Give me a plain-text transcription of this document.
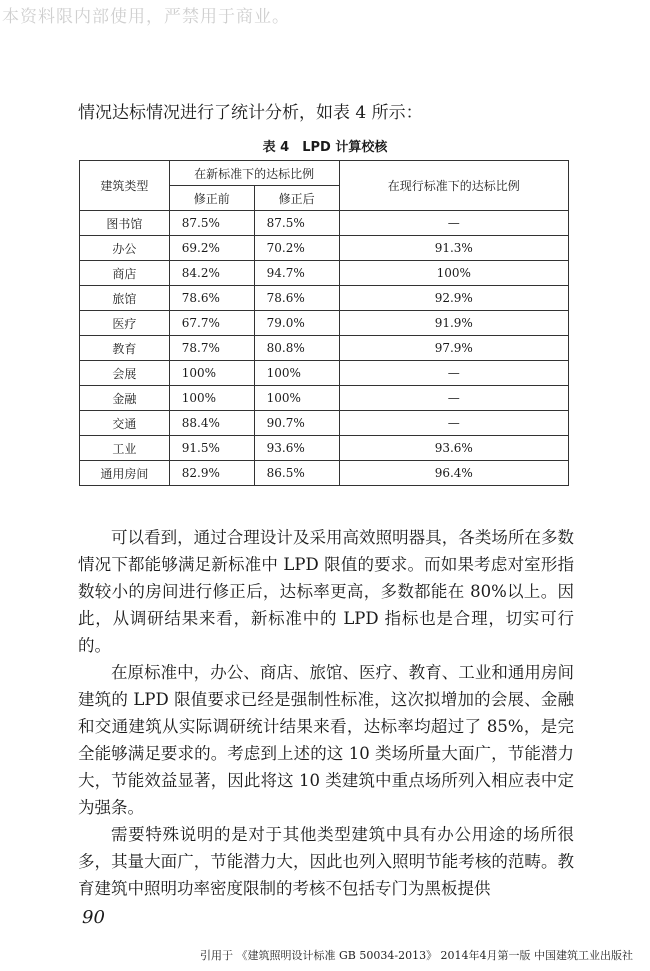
本资料限内部使用，严禁用于商业。
情况达标情况进行了统计分析，如表 4 所示：
表 4　LPD 计算校核
建筑类型	在新标准下的达标比例		在现行标准下的达标比例
	修正前	修正后	
图书馆	87.5%	87.5%	—
办公	69.2%	70.2%	91.3%
商店	84.2%	94.7%	100%
旅馆	78.6%	78.6%	92.9%
医疗	67.7%	79.0%	91.9%
教育	78.7%	80.8%	97.9%
会展	100%	100%	—
金融	100%	100%	—
交通	88.4%	90.7%	—
工业	91.5%	93.6%	93.6%
通用房间	82.9%	86.5%	96.4%

可以看到，通过合理设计及采用高效照明器具，各类场所在多数情况下都能够满足新标准中 LPD 限值的要求。而如果考虑对室形指数较小的房间进行修正后，达标率更高，多数都能在 80%以上。因此，从调研结果来看，新标准中的 LPD 指标也是合理，切实可行的。

在原标准中，办公、商店、旅馆、医疗、教育、工业和通用房间建筑的 LPD 限值要求已经是强制性标准，这次拟增加的会展、金融和交通建筑从实际调研统计结果来看，达标率均超过了 85%，是完全能够满足要求的。考虑到上述的这 10 类场所量大面广，节能潜力大，节能效益显著，因此将这 10 类建筑中重点场所列入相应表中定为强条。

需要特殊说明的是对于其他类型建筑中具有办公用途的场所很多，其量大面广，节能潜力大，因此也列入照明节能考核的范畴。教育建筑中照明功率密度限制的考核不包括专门为黑板提供

90
引用于 《建筑照明设计标准 GB 50034-2013》 2014年4月第一版 中国建筑工业出版社
